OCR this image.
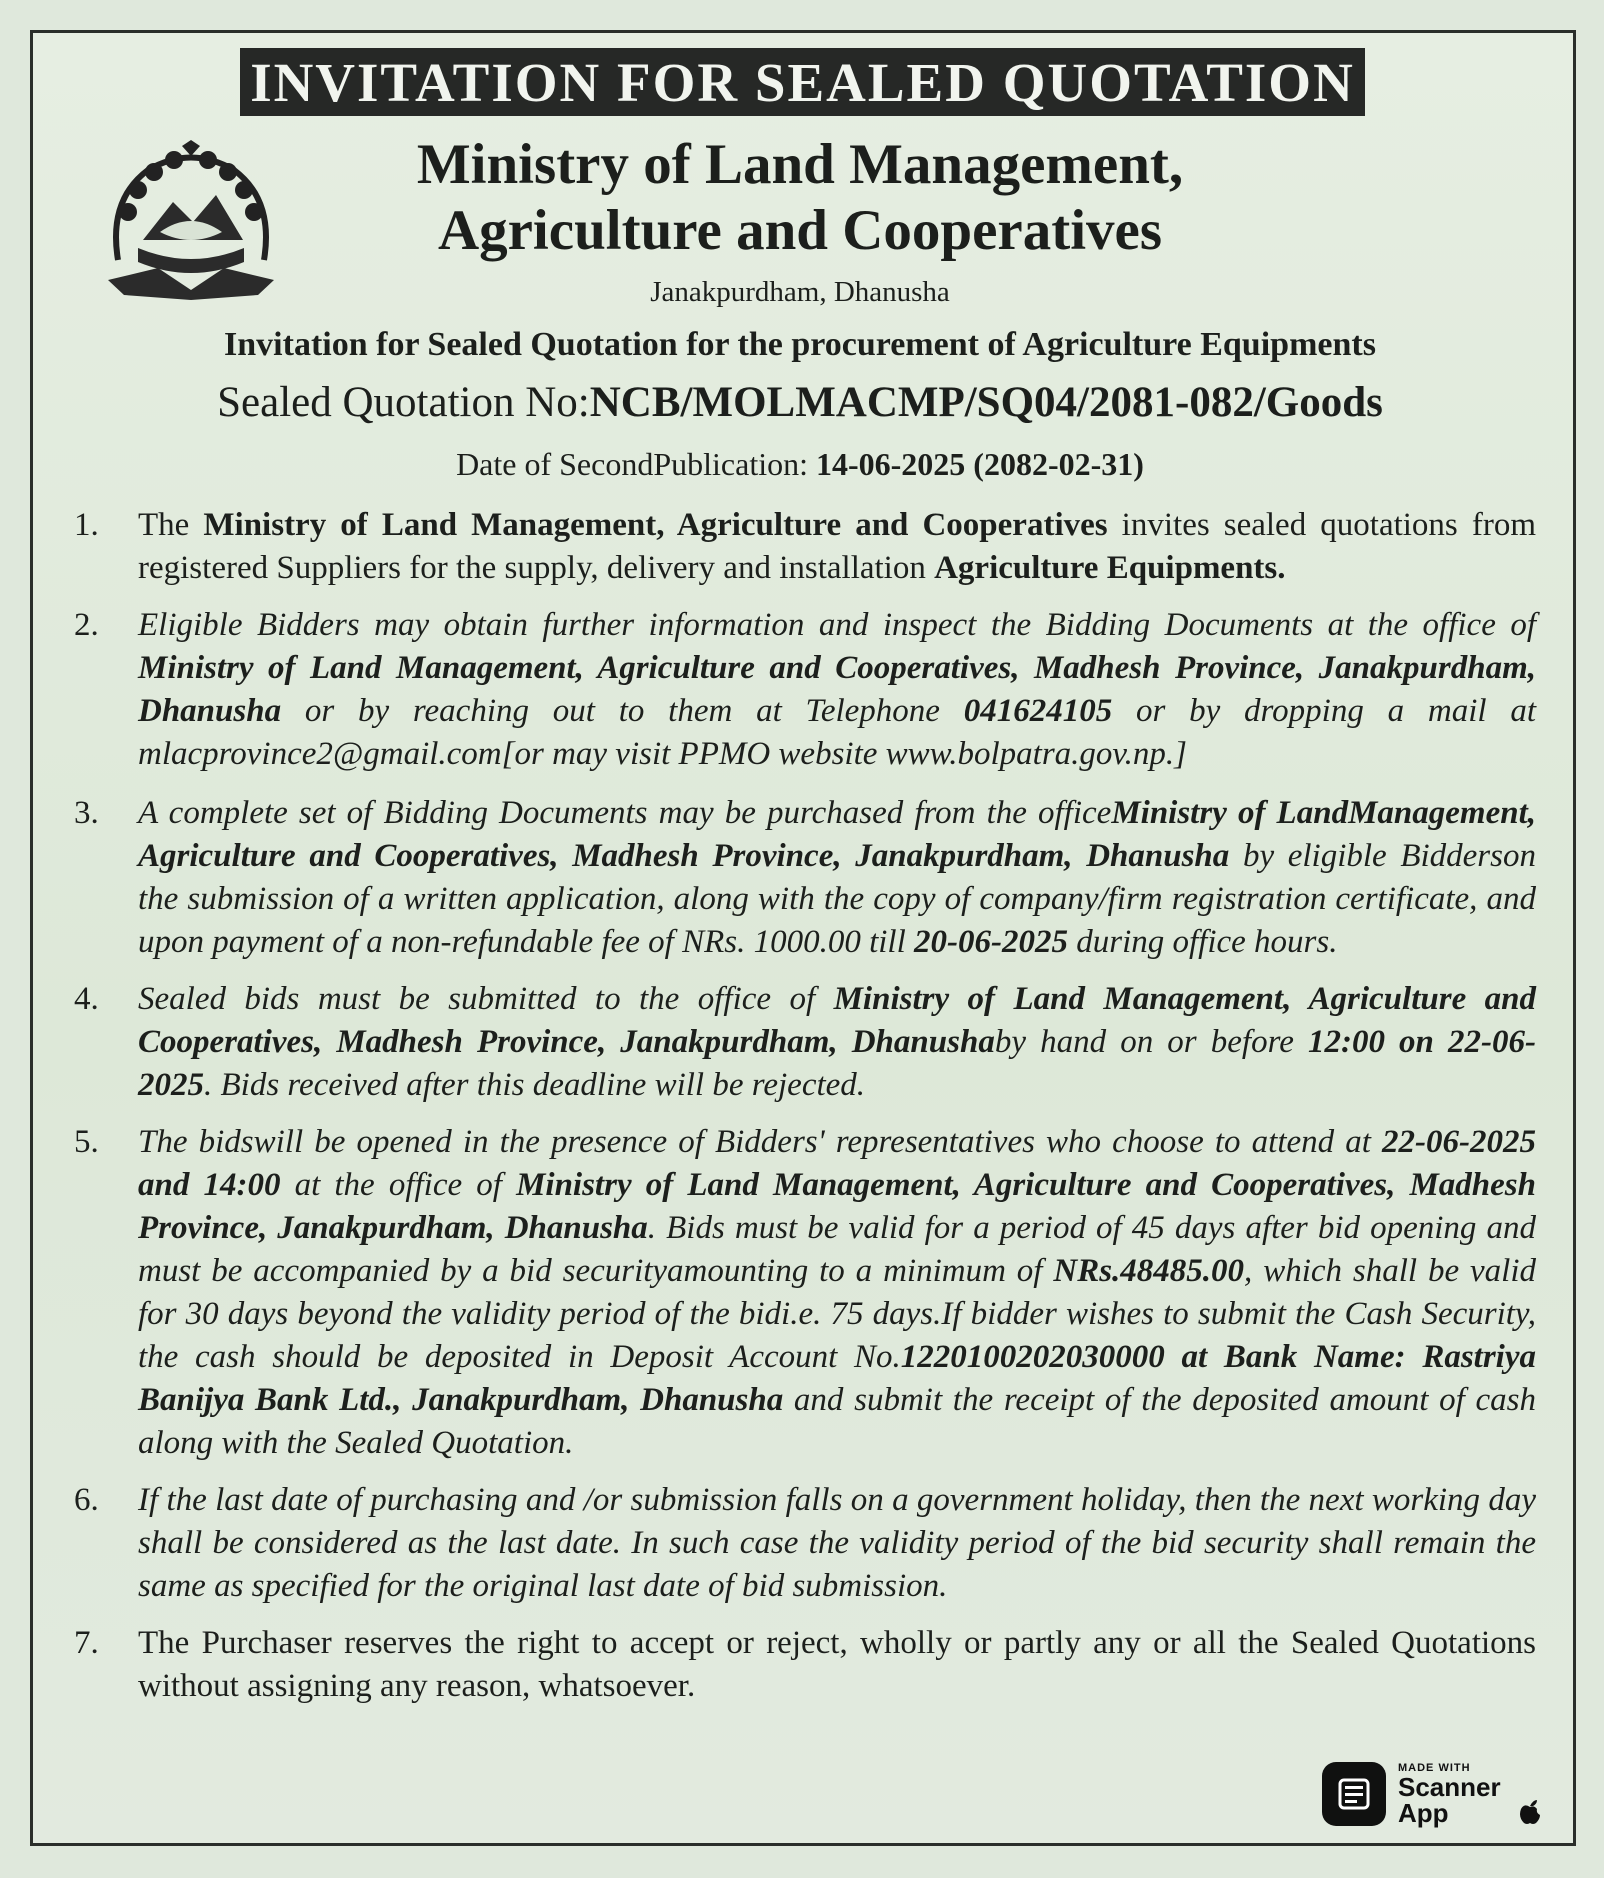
INVITATION FOR SEALED QUOTATION
Ministry of Land Management,
Agriculture and Cooperatives
Janakpurdham, Dhanusha
Invitation for Sealed Quotation for the procurement of Agriculture Equipments
Sealed Quotation No:NCB/MOLMACMP/SQ04/2081-082/Goods
Date of SecondPublication: 14-06-2025 (2082-02-31)
1.	The Ministry of Land Management, Agriculture and Cooperatives invites sealed quotations from registered Suppliers for the supply, delivery and installation Agriculture Equipments.
2.	Eligible Bidders may obtain further information and inspect the Bidding Documents at the office of Ministry of Land Management, Agriculture and Cooperatives, Madhesh Province, Janakpurdham, Dhanusha or by reaching out to them at Telephone 041624105 or by dropping a mail at mlacprovince2@gmail.com[or may visit PPMO website www.bolpatra.gov.np.]
3.	A complete set of Bidding Documents may be purchased from the officeMinistry of LandManagement, Agriculture and Cooperatives, Madhesh Province, Janakpurdham, Dhanusha by eligible Bidderson the submission of a written application, along with the copy of company/firm registration certificate, and upon payment of a non-refundable fee of NRs. 1000.00 till 20-06-2025 during office hours.
4.	Sealed bids must be submitted to the office of Ministry of Land Management, Agriculture and Cooperatives, Madhesh Province, Janakpurdham, Dhanushaby hand on or before 12:00 on 22-06-2025. Bids received after this deadline will be rejected.
5.	The bidswill be opened in the presence of Bidders' representatives who choose to attend at 22-06-2025 and 14:00 at the office of Ministry of Land Management, Agriculture and Cooperatives, Madhesh Province, Janakpurdham, Dhanusha. Bids must be valid for a period of 45 days after bid opening and must be accompanied by a bid securityamounting to a minimum of NRs.48485.00, which shall be valid for 30 days beyond the validity period of the bidi.e. 75 days.If bidder wishes to submit the Cash Security, the cash should be deposited in Deposit Account No.1220100202030000 at Bank Name: Rastriya Banijya Bank Ltd., Janakpurdham, Dhanusha and submit the receipt of the deposited amount of cash along with the Sealed Quotation.
6.	If the last date of purchasing and /or submission falls on a government holiday, then the next working day shall be considered as the last date. In such case the validity period of the bid security shall remain the same as specified for the original last date of bid submission.
7.	The Purchaser reserves the right to accept or reject, wholly or partly any or all the Sealed Quotations without assigning any reason, whatsoever.
MADE WITH
Scanner
App
